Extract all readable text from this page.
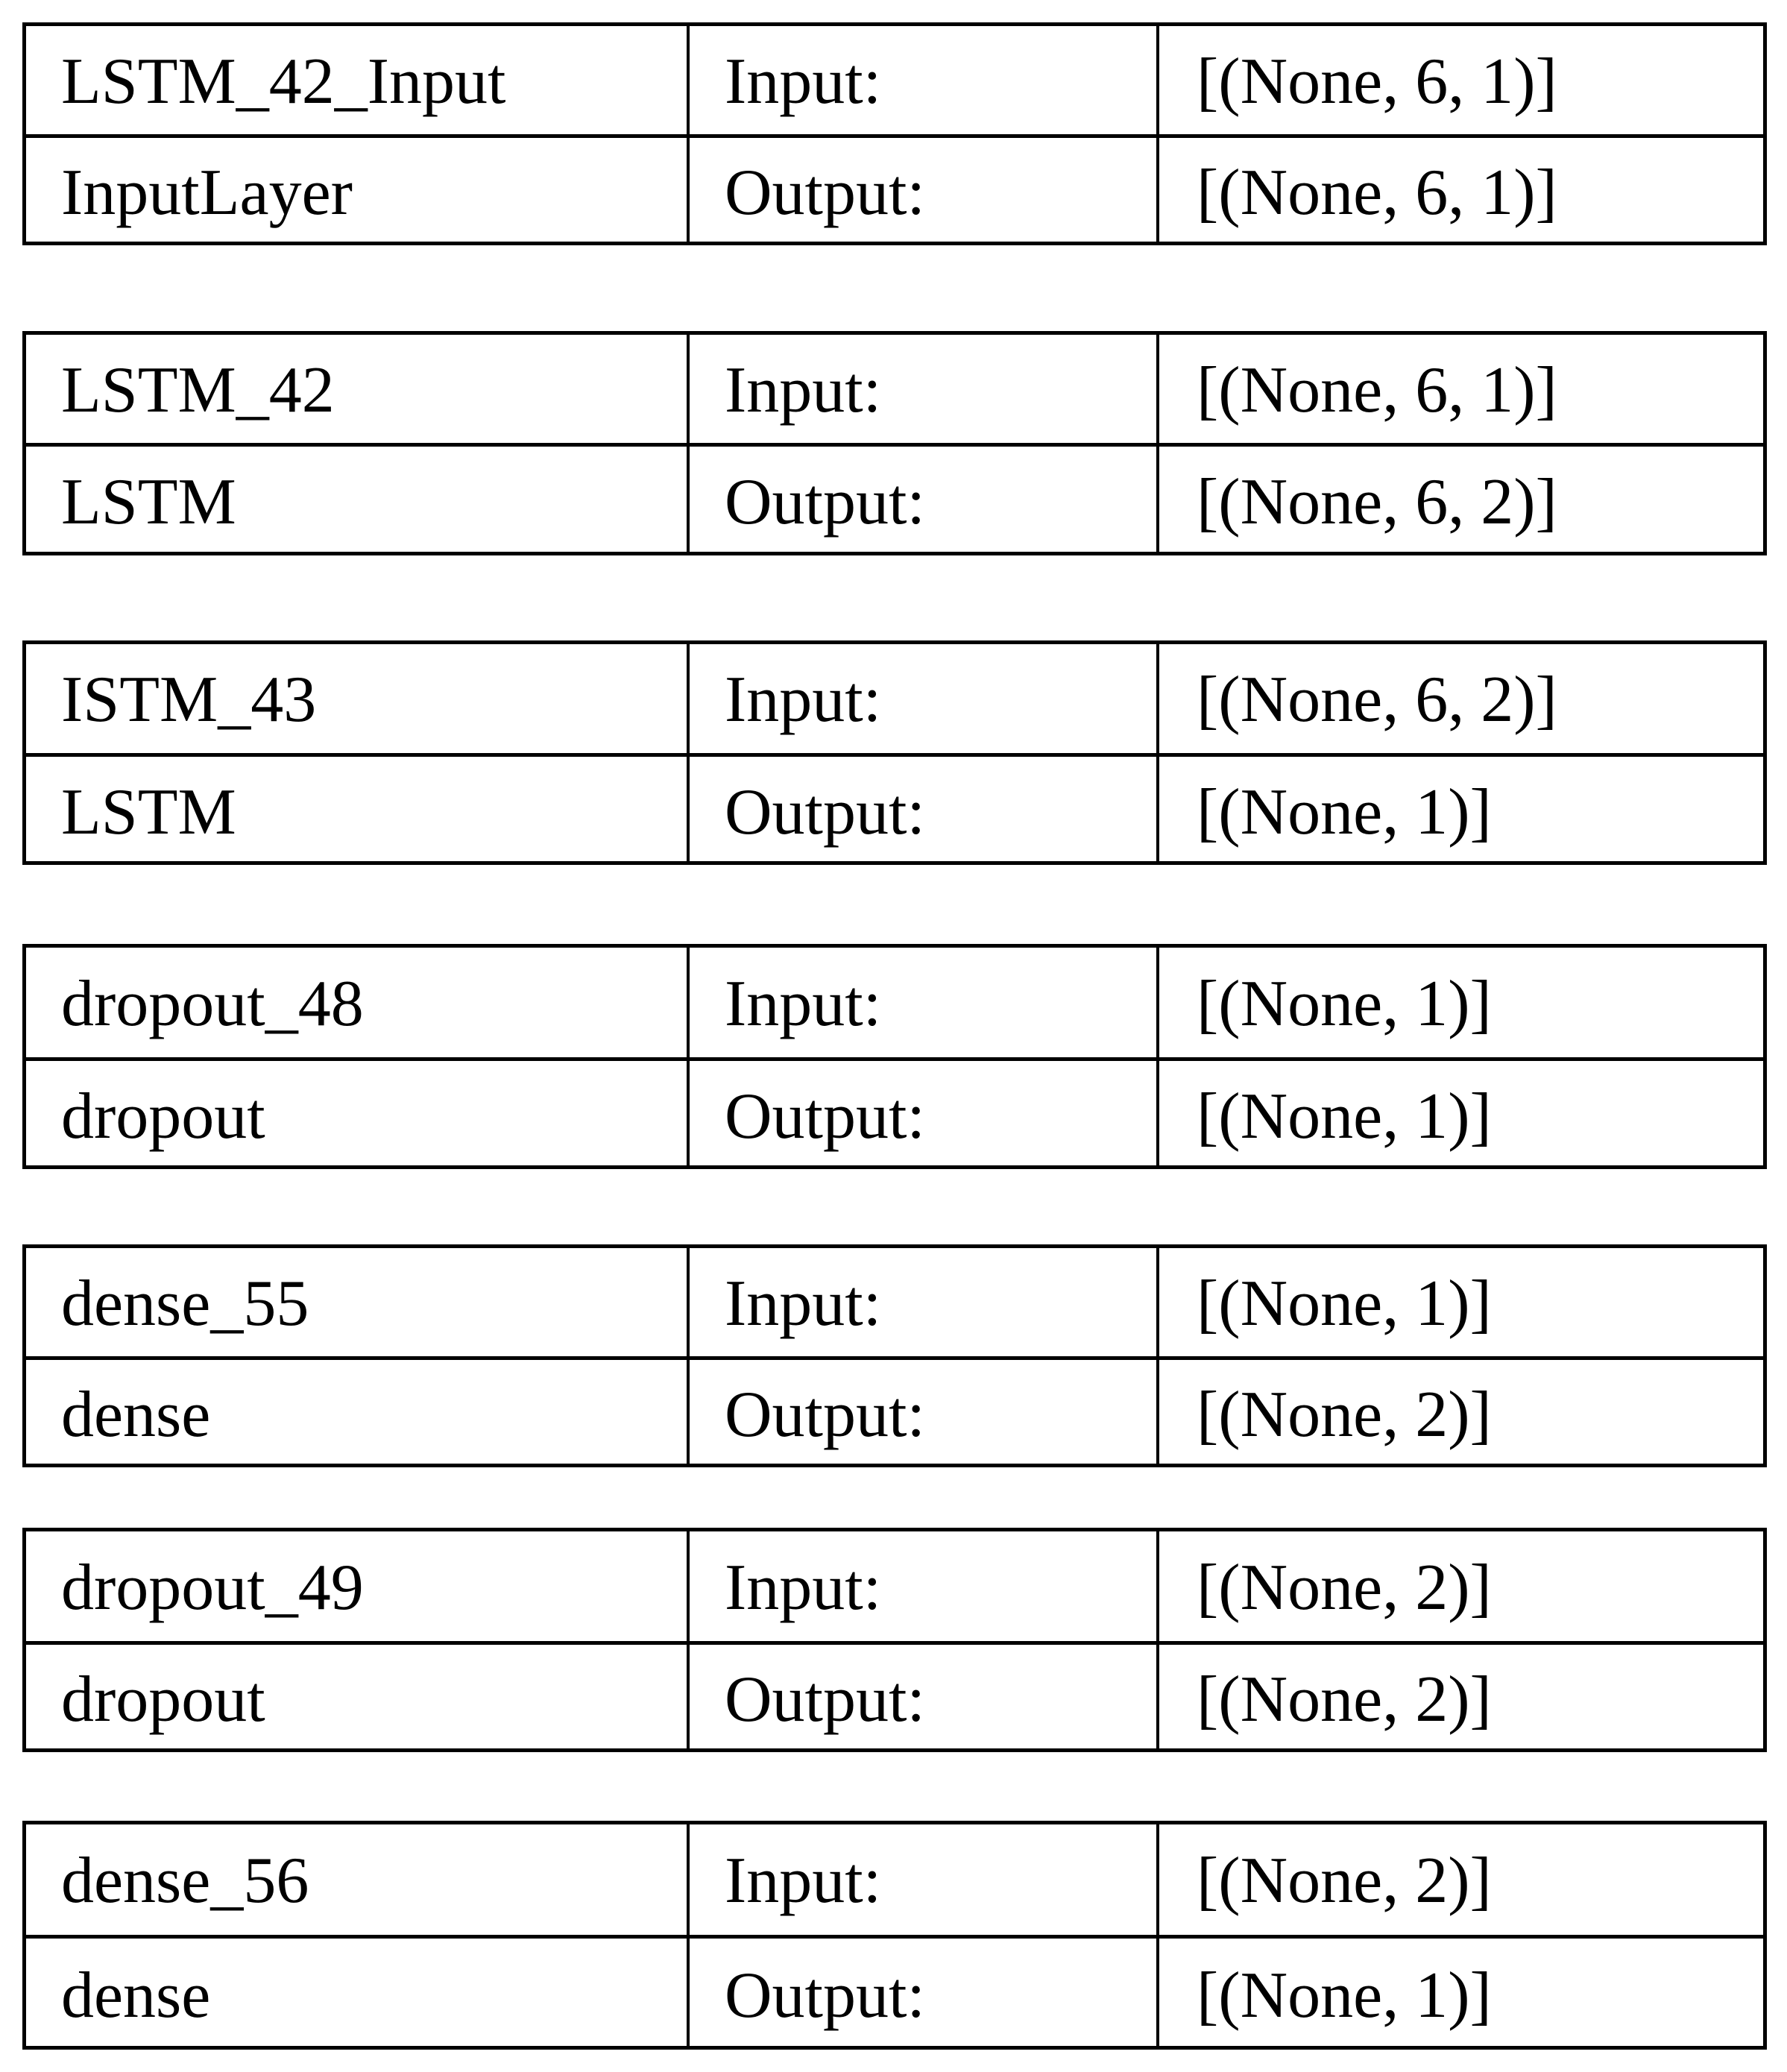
LSTM_42_Input	Input:	[(None, 6, 1)]
InputLayer	Output:	[(None, 6, 1)]
LSTM_42	Input:	[(None, 6, 1)]
LSTM	Output:	[(None, 6, 2)]
ISTM_43	Input:	[(None, 6, 2)]
LSTM	Output:	[(None, 1)]
dropout_48	Input:	[(None, 1)]
dropout	Output:	[(None, 1)]
dense_55	Input:	[(None, 1)]
dense	Output:	[(None, 2)]
dropout_49	Input:	[(None, 2)]
dropout	Output:	[(None, 2)]
dense_56	Input:	[(None, 2)]
dense	Output:	[(None, 1)]
